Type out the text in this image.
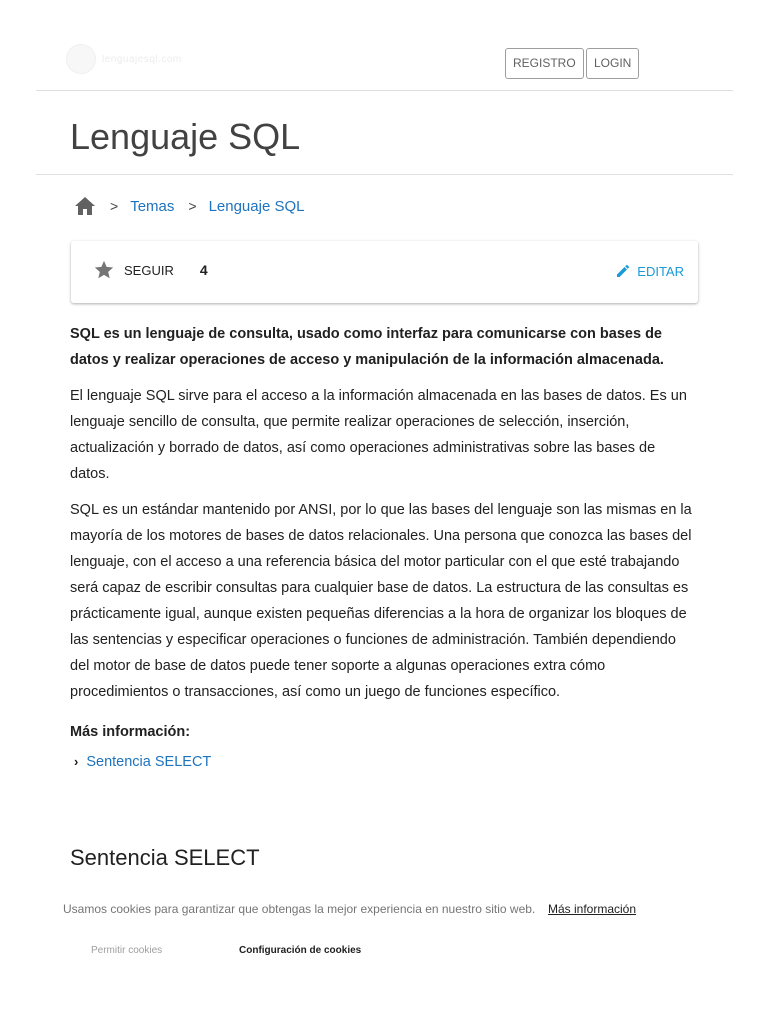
lenguajesql.com	REGISTRO	LOGIN
Lenguaje SQL
> Temas > Lenguaje SQL
SEGUIR 4	EDITAR

SQL es un lenguaje de consulta, usado como interfaz para comunicarse con bases de datos y realizar operaciones de acceso y manipulación de la información almacenada.

El lenguaje SQL sirve para el acceso a la información almacenada en las bases de datos. Es un lenguaje sencillo de consulta, que permite realizar operaciones de selección, inserción, actualización y borrado de datos, así como operaciones administrativas sobre las bases de datos.

SQL es un estándar mantenido por ANSI, por lo que las bases del lenguaje son las mismas en la mayoría de los motores de bases de datos relacionales. Una persona que conozca las bases del lenguaje, con el acceso a una referencia básica del motor particular con el que esté trabajando será capaz de escribir consultas para cualquier base de datos. La estructura de las consultas es prácticamente igual, aunque existen pequeñas diferencias a la hora de organizar los bloques de las sentencias y especificar operaciones o funciones de administración. También dependiendo del motor de base de datos puede tener soporte a algunas operaciones extra cómo procedimientos o transacciones, así como un juego de funciones específico.

Más información:
› Sentencia SELECT
Sentencia SELECT
Usamos cookies para garantizar que obtengas la mejor experiencia en nuestro sitio web. Más información
Permitir cookies	Configuración de cookies
